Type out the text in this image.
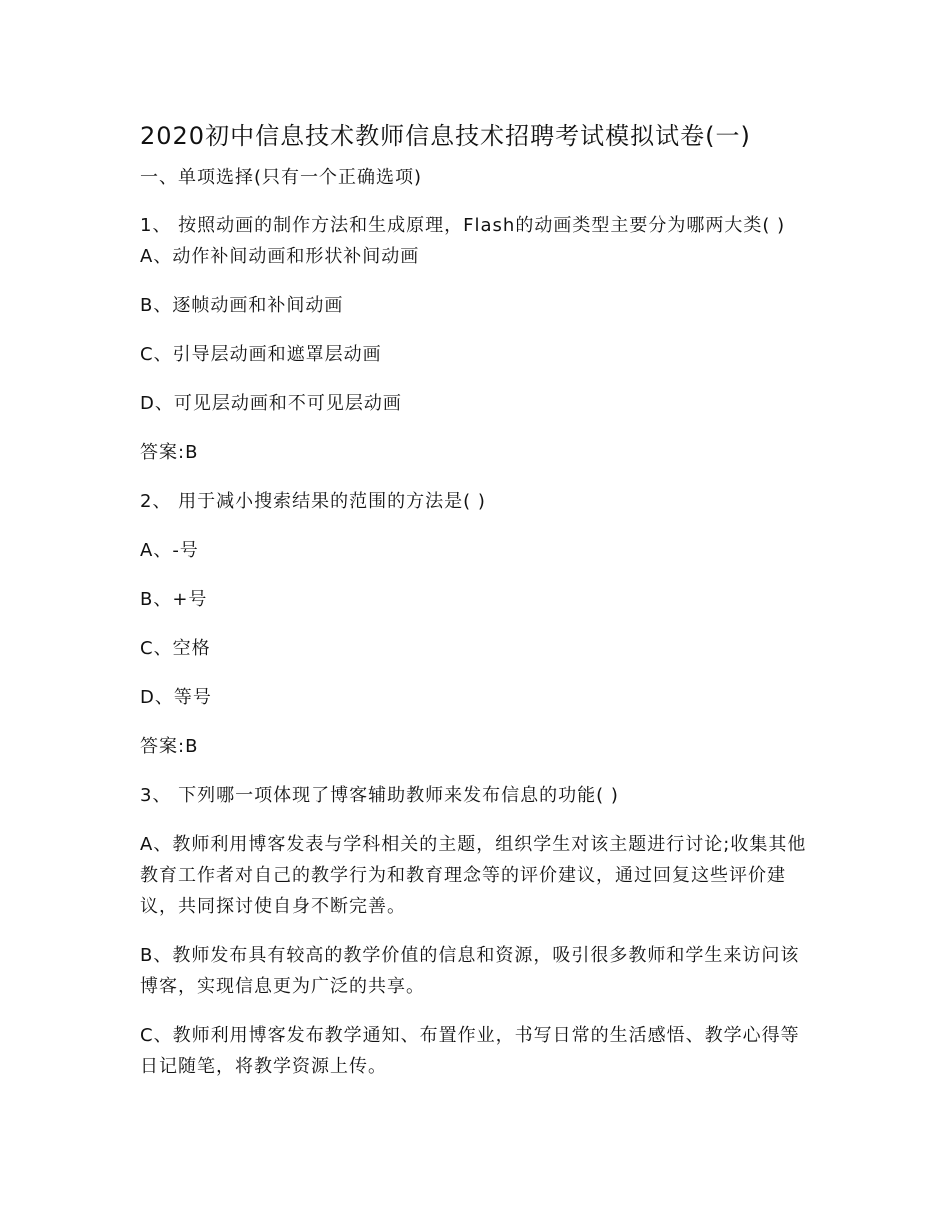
2020初中信息技术教师信息技术招聘考试模拟试卷(一)
一、单项选择(只有一个正确选项)
1、 按照动画的制作方法和生成原理，Flash的动画类型主要分为哪两大类( ) A、动作补间动画和形状补间动画
B、逐帧动画和补间动画
C、引导层动画和遮罩层动画
D、可见层动画和不可见层动画
答案:B
2、 用于减小搜索结果的范围的方法是( )
A、-号
B、+号
C、空格
D、等号
答案:B
3、 下列哪一项体现了博客辅助教师来发布信息的功能( )
A、教师利用博客发表与学科相关的主题，组织学生对该主题进行讨论;收集其他教育工作者对自己的教学行为和教育理念等的评价建议，通过回复这些评价建议，共同探讨使自身不断完善。
B、教师发布具有较高的教学价值的信息和资源，吸引很多教师和学生来访问该博客，实现信息更为广泛的共享。
C、教师利用博客发布教学通知、布置作业，书写日常的生活感悟、教学心得等日记随笔，将教学资源上传。
